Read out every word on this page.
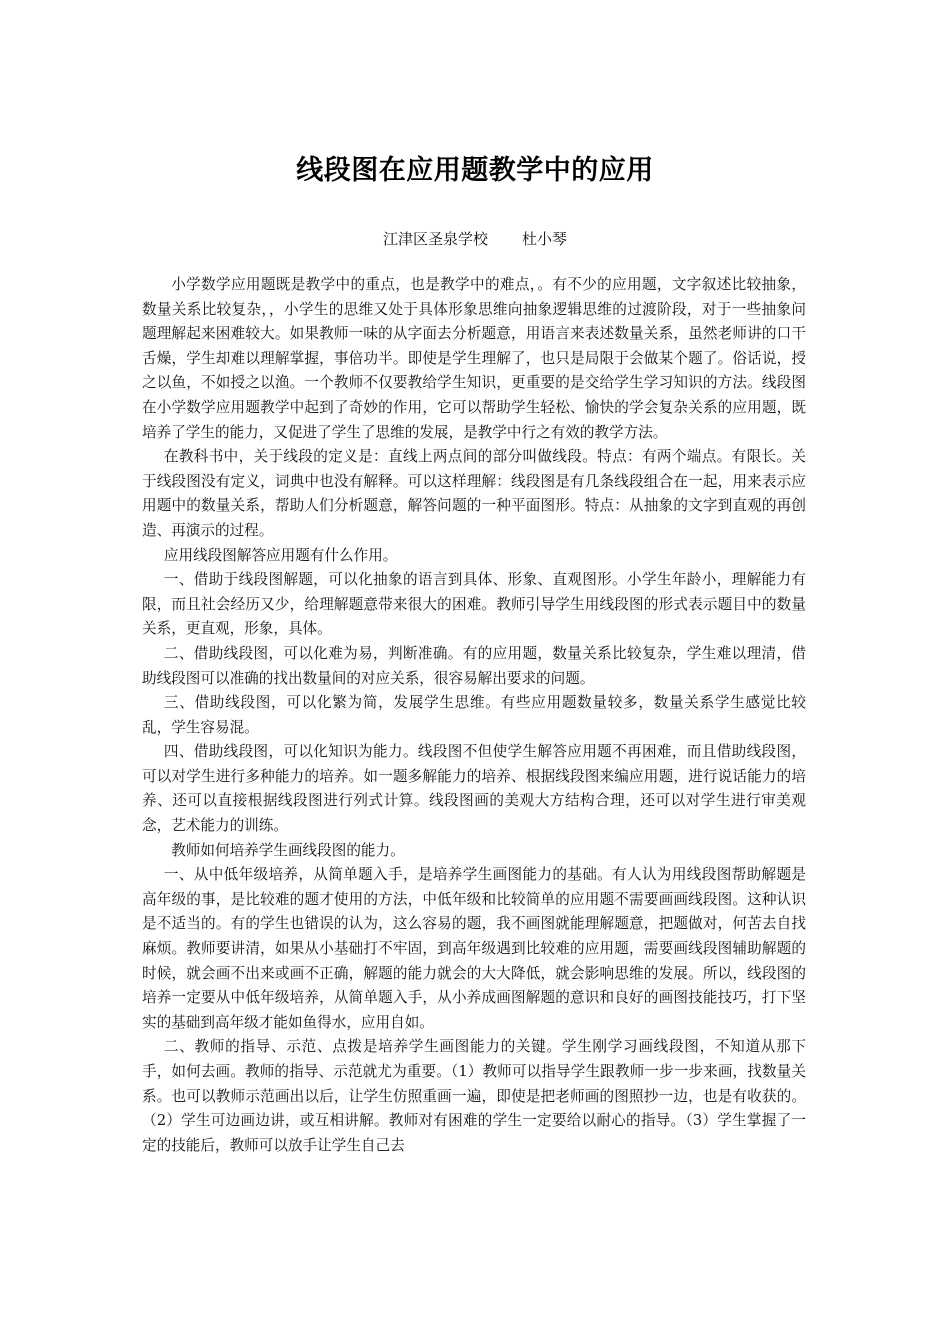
线段图在应用题教学中的应用

江津区圣泉学校 杜小琴

小学数学应用题既是教学中的重点，也是教学中的难点，。有不少的应用题，文字叙述比较抽象，数量关系比较复杂，，小学生的思维又处于具体形象思维向抽象逻辑思维的过渡阶段，对于一些抽象问题理解起来困难较大。如果教师一味的从字面去分析题意，用语言来表述数量关系，虽然老师讲的口干舌燥，学生却难以理解掌握，事倍功半。即使是学生理解了，也只是局限于会做某个题了。俗话说，授之以鱼，不如授之以渔。一个教师不仅要教给学生知识，更重要的是交给学生学习知识的方法。线段图在小学数学应用题教学中起到了奇妙的作用，它可以帮助学生轻松、愉快的学会复杂关系的应用题，既培养了学生的能力，又促进了学生了思维的发展，是教学中行之有效的教学方法。

在教科书中，关于线段的定义是：直线上两点间的部分叫做线段。特点：有两个端点。有限长。关于线段图没有定义，词典中也没有解释。可以这样理解：线段图是有几条线段组合在一起，用来表示应用题中的数量关系，帮助人们分析题意，解答问题的一种平面图形。特点：从抽象的文字到直观的再创造、再演示的过程。

应用线段图解答应用题有什么作用。

一、借助于线段图解题，可以化抽象的语言到具体、形象、直观图形。小学生年龄小，理解能力有限，而且社会经历又少，给理解题意带来很大的困难。教师引导学生用线段图的形式表示题目中的数量关系，更直观，形象，具体。

二、借助线段图，可以化难为易，判断准确。有的应用题，数量关系比较复杂，学生难以理清，借助线段图可以准确的找出数量间的对应关系，很容易解出要求的问题。

三、借助线段图，可以化繁为简，发展学生思维。有些应用题数量较多，数量关系学生感觉比较乱，学生容易混。

四、借助线段图，可以化知识为能力。线段图不但使学生解答应用题不再困难，而且借助线段图，可以对学生进行多种能力的培养。如一题多解能力的培养、根据线段图来编应用题，进行说话能力的培养、还可以直接根据线段图进行列式计算。线段图画的美观大方结构合理，还可以对学生进行审美观念，艺术能力的训练。

教师如何培养学生画线段图的能力。

一、从中低年级培养，从简单题入手，是培养学生画图能力的基础。有人认为用线段图帮助解题是高年级的事，是比较难的题才使用的方法，中低年级和比较简单的应用题不需要画画线段图。这种认识是不适当的。有的学生也错误的认为，这么容易的题，我不画图就能理解题意，把题做对，何苦去自找麻烦。教师要讲清，如果从小基础打不牢固，到高年级遇到比较难的应用题，需要画线段图辅助解题的时候，就会画不出来或画不正确，解题的能力就会的大大降低，就会影响思维的发展。所以，线段图的培养一定要从中低年级培养，从简单题入手，从小养成画图解题的意识和良好的画图技能技巧，打下坚实的基础到高年级才能如鱼得水，应用自如。

二、教师的指导、示范、点拨是培养学生画图能力的关键。学生刚学习画线段图，不知道从那下手，如何去画。教师的指导、示范就尤为重要。（1）教师可以指导学生跟教师一步一步来画，找数量关系。也可以教师示范画出以后，让学生仿照重画一遍，即使是把老师画的图照抄一边，也是有收获的。（2）学生可边画边讲，或互相讲解。教师对有困难的学生一定要给以耐心的指导。（3）学生掌握了一定的技能后，教师可以放手让学生自己去
